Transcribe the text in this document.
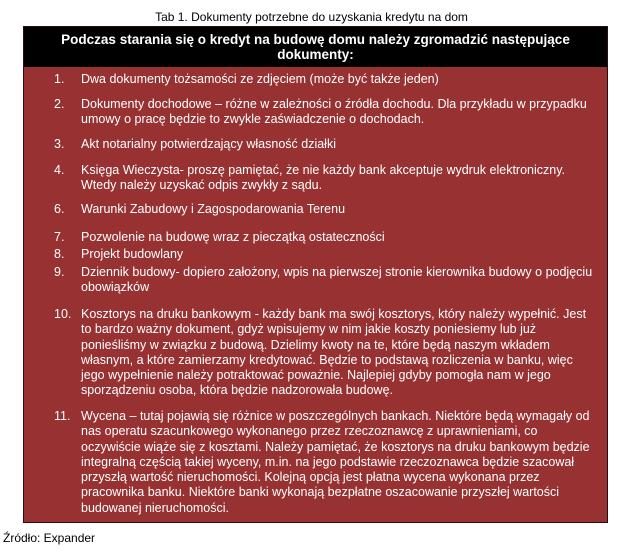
Tab 1. Dokumenty potrzebne do uzyskania kredytu na dom
Podczas starania się o kredyt na budowę domu należy zgromadzić następujące dokumenty:
1.	Dwa dokumenty tożsamości ze zdjęciem (może być także jeden)
2.	Dokumenty dochodowe – różne w zależności o źródła dochodu. Dla przykładu w przypadku umowy o pracę będzie to zwykle zaświadczenie o dochodach.
3.	Akt notarialny potwierdzający własność działki
4.	Księga Wieczysta- proszę pamiętać, że nie każdy bank akceptuje wydruk elektroniczny. Wtedy należy uzyskać odpis zwykły z sądu.
6.	Warunki Zabudowy i Zagospodarowania Terenu
7.	Pozwolenie na budowę wraz z pieczątką ostateczności
8.	Projekt budowlany
9.	Dziennik budowy- dopiero założony, wpis na pierwszej stronie kierownika budowy o podjęciu obowiązków
10. Kosztorys na druku bankowym - każdy bank ma swój kosztorys, który należy wypełnić. Jest to bardzo ważny dokument, gdyż wpisujemy w nim jakie koszty poniesiemy lub już ponieśliśmy w związku z budową. Dzielimy kwoty na te, które będą naszym wkładem własnym, a które zamierzamy kredytować. Będzie to podstawą rozliczenia w banku, więc jego wypełnienie należy potraktować poważnie. Najlepiej gdyby pomogła nam w jego sporządzeniu osoba, która będzie nadzorowała budowę.
11. Wycena – tutaj pojawią się różnice w poszczególnych bankach. Niektóre będą wymagały od nas operatu szacunkowego wykonanego przez rzeczoznawcę z uprawnieniami, co oczywiście wiąże się z kosztami. Należy pamiętać, że kosztorys na druku bankowym będzie integralną częścią takiej wyceny, m.in. na jego podstawie rzeczoznawca będzie szacował przyszłą wartość nieruchomości. Kolejną opcją jest płatna wycena wykonana przez pracownika banku. Niektóre banki wykonają bezpłatne oszacowanie przyszłej wartości budowanej nieruchomości.
Źródło: Expander
